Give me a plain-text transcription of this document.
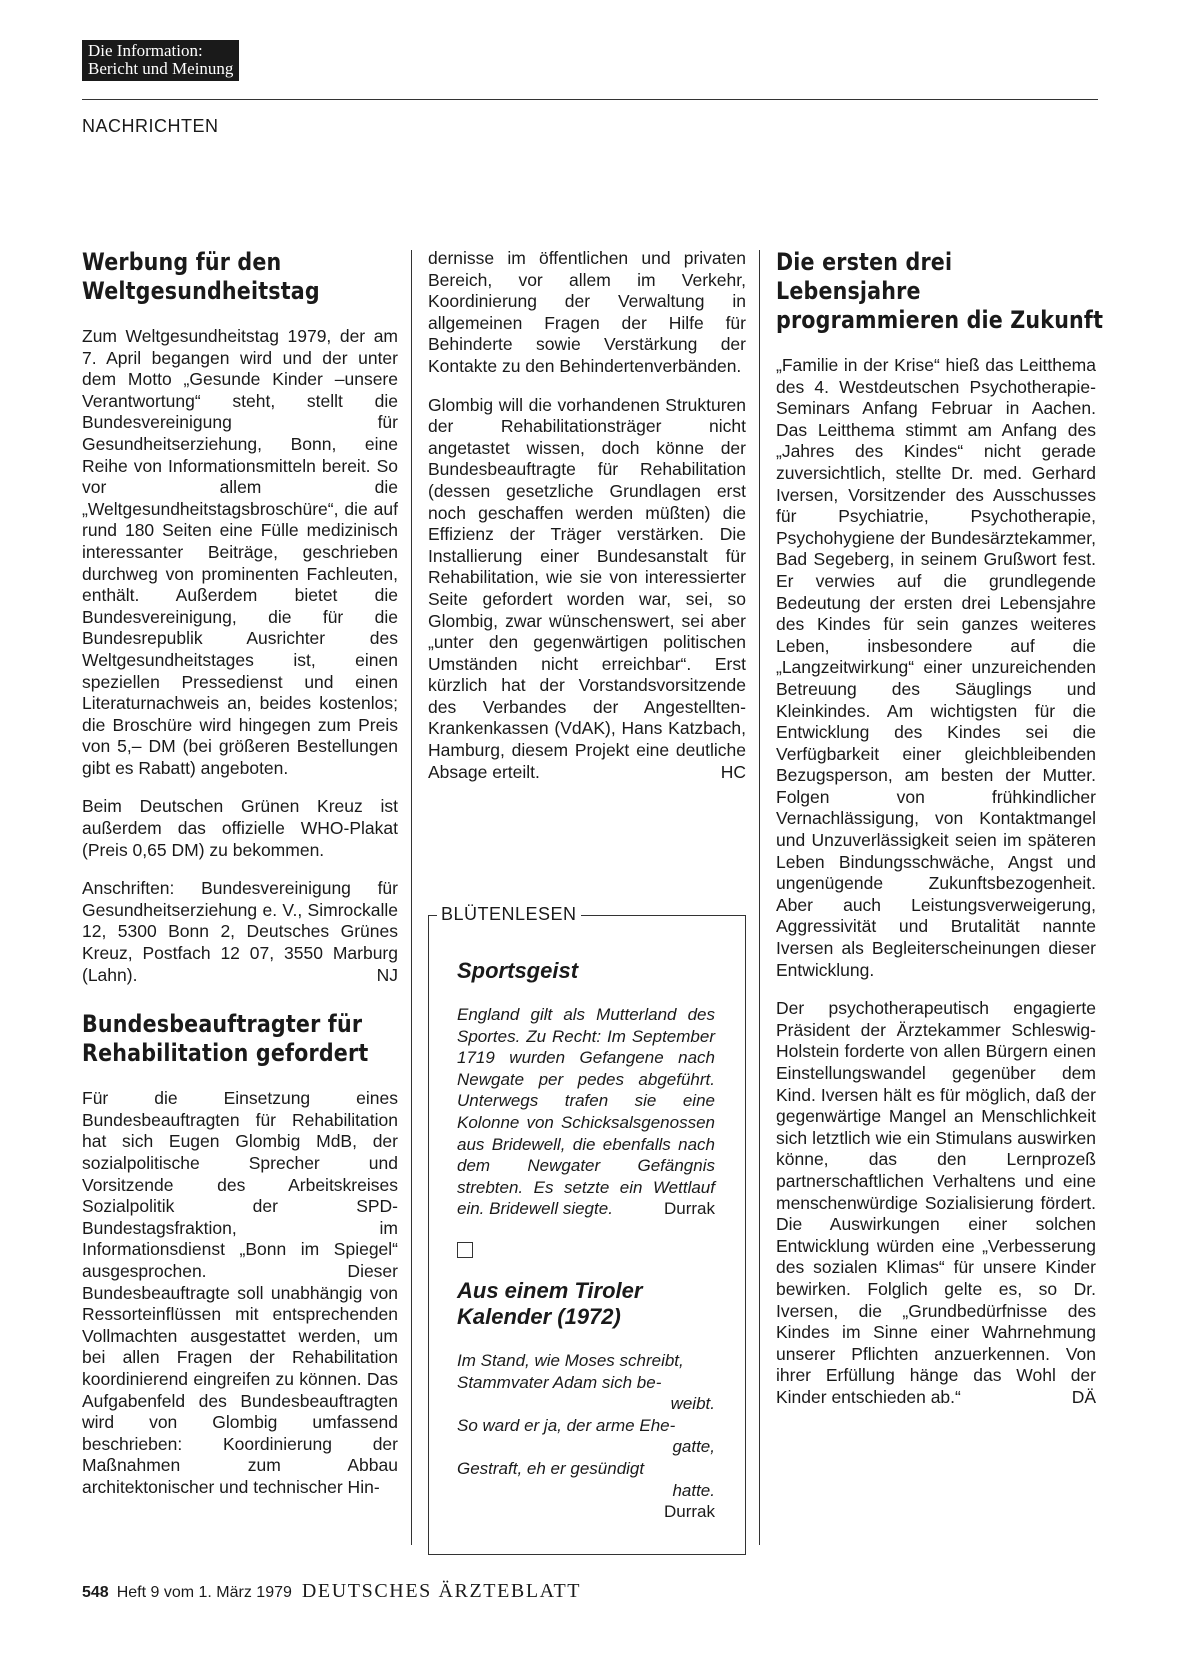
Die Information:
Bericht und Meinung
NACHRICHTEN
Werbung für den
Weltgesundheitstag

Zum Weltgesundheitstag 1979, der am 7. April begangen wird und der unter dem Motto „Gesunde Kinder –unsere Verantwortung“ steht, stellt die Bundesvereinigung für Gesundheitserziehung, Bonn, eine Reihe von Informationsmitteln bereit. So vor allem die „Weltgesundheitstagsbroschüre“, die auf rund 180 Seiten eine Fülle medizinisch interessanter Beiträge, geschrieben durchweg von prominenten Fachleuten, enthält. Außerdem bietet die Bundesvereinigung, die für die Bundesrepublik Ausrichter des Weltgesundheitstages ist, einen speziellen Pressedienst und einen Literaturnachweis an, beides kostenlos; die Broschüre wird hingegen zum Preis von 5,– DM (bei größeren Bestellungen gibt es Rabatt) angeboten.

Beim Deutschen Grünen Kreuz ist außerdem das offizielle WHO-Plakat (Preis 0,65 DM) zu bekommen.

Anschriften: Bundesvereinigung für Gesundheitserziehung e. V., Simrockalle 12, 5300 Bonn 2, Deutsches Grünes Kreuz, Postfach 12 07, 3550 Marburg (Lahn).	NJ

Bundesbeauftragter für
Rehabilitation gefordert

Für die Einsetzung eines Bundesbeauftragten für Rehabilitation hat sich Eugen Glombig MdB, der sozialpolitische Sprecher und Vorsitzende des Arbeitskreises Sozialpolitik der SPD-Bundestagsfraktion, im Informationsdienst „Bonn im Spiegel“ ausgesprochen. Dieser Bundesbeauftragte soll unabhängig von Ressorteinflüssen mit entsprechenden Vollmachten ausgestattet werden, um bei allen Fragen der Rehabilitation koordinierend eingreifen zu können. Das Aufgabenfeld des Bundesbeauftragten wird von Glombig umfassend beschrieben: Koordinierung der Maßnahmen zum Abbau architektonischer und technischer Hin-

dernisse im öffentlichen und privaten Bereich, vor allem im Verkehr, Koordinierung der Verwaltung in allgemeinen Fragen der Hilfe für Behinderte sowie Verstärkung der Kontakte zu den Behindertenverbänden.

Glombig will die vorhandenen Strukturen der Rehabilitationsträger nicht angetastet wissen, doch könne der Bundesbeauftragte für Rehabilitation (dessen gesetzliche Grundlagen erst noch geschaffen werden müßten) die Effizienz der Träger verstärken. Die Installierung einer Bundesanstalt für Rehabilitation, wie sie von interessierter Seite gefordert worden war, sei, so Glombig, zwar wünschenswert, sei aber „unter den gegenwärtigen politischen Umständen nicht erreichbar“. Erst kürzlich hat der Vorstandsvorsitzende des Verbandes der Angestellten-Krankenkassen (VdAK), Hans Katzbach, Hamburg, diesem Projekt eine deutliche Absage erteilt.	HC

BLÜTENLESEN
Sportsgeist

England gilt als Mutterland des Sportes. Zu Recht: Im September 1719 wurden Gefangene nach Newgate per pedes abgeführt. Unterwegs trafen sie eine Kolonne von Schicksalsgenossen aus Bridewell, die ebenfalls nach dem Newgater Gefängnis strebten. Es setzte ein Wettlauf ein. Bridewell siegte.	Durrak

Aus einem Tiroler
Kalender (1972)
Im Stand, wie Moses schreibt,
Stammvater Adam sich be-
weibt.
So ward er ja, der arme Ehe-
gatte,
Gestraft, eh er gesündigt
hatte.
Durrak
Die ersten drei
Lebensjahre
programmieren die Zukunft

„Familie in der Krise“ hieß das Leitthema des 4. Westdeutschen Psychotherapie-Seminars Anfang Februar in Aachen. Das Leitthema stimmt am Anfang des „Jahres des Kindes“ nicht gerade zuversichtlich, stellte Dr. med. Gerhard Iversen, Vorsitzender des Ausschusses für Psychiatrie, Psychotherapie, Psychohygiene der Bundesärztekammer, Bad Segeberg, in seinem Grußwort fest. Er verwies auf die grundlegende Bedeutung der ersten drei Lebensjahre des Kindes für sein ganzes weiteres Leben, insbesondere auf die „Langzeitwirkung“ einer unzureichenden Betreuung des Säuglings und Kleinkindes. Am wichtigsten für die Entwicklung des Kindes sei die Verfügbarkeit einer gleichbleibenden Bezugsperson, am besten der Mutter. Folgen von frühkindlicher Vernachlässigung, von Kontaktmangel und Unzuverlässigkeit seien im späteren Leben Bindungsschwäche, Angst und ungenügende Zukunftsbezogenheit. Aber auch Leistungsverweigerung, Aggressivität und Brutalität nannte Iversen als Begleiterscheinungen dieser Entwicklung.

Der psychotherapeutisch engagierte Präsident der Ärztekammer Schleswig-Holstein forderte von allen Bürgern einen Einstellungswandel gegenüber dem Kind. Iversen hält es für möglich, daß der gegenwärtige Mangel an Menschlichkeit sich letztlich wie ein Stimulans auswirken könne, das den Lernprozeß partnerschaftlichen Verhaltens und eine menschenwürdige Sozialisierung fördert. Die Auswirkungen einer solchen Entwicklung würden eine „Verbesserung des sozialen Klimas“ für unsere Kinder bewirken. Folglich gelte es, so Dr. Iversen, die „Grundbedürfnisse des Kindes im Sinne einer Wahrnehmung unserer Pflichten anzuerkennen. Von ihrer Erfüllung hänge das Wohl der Kinder entschieden ab.“	DÄ

548 Heft 9 vom 1. März 1979 DEUTSCHES ÄRZTEBLATT
